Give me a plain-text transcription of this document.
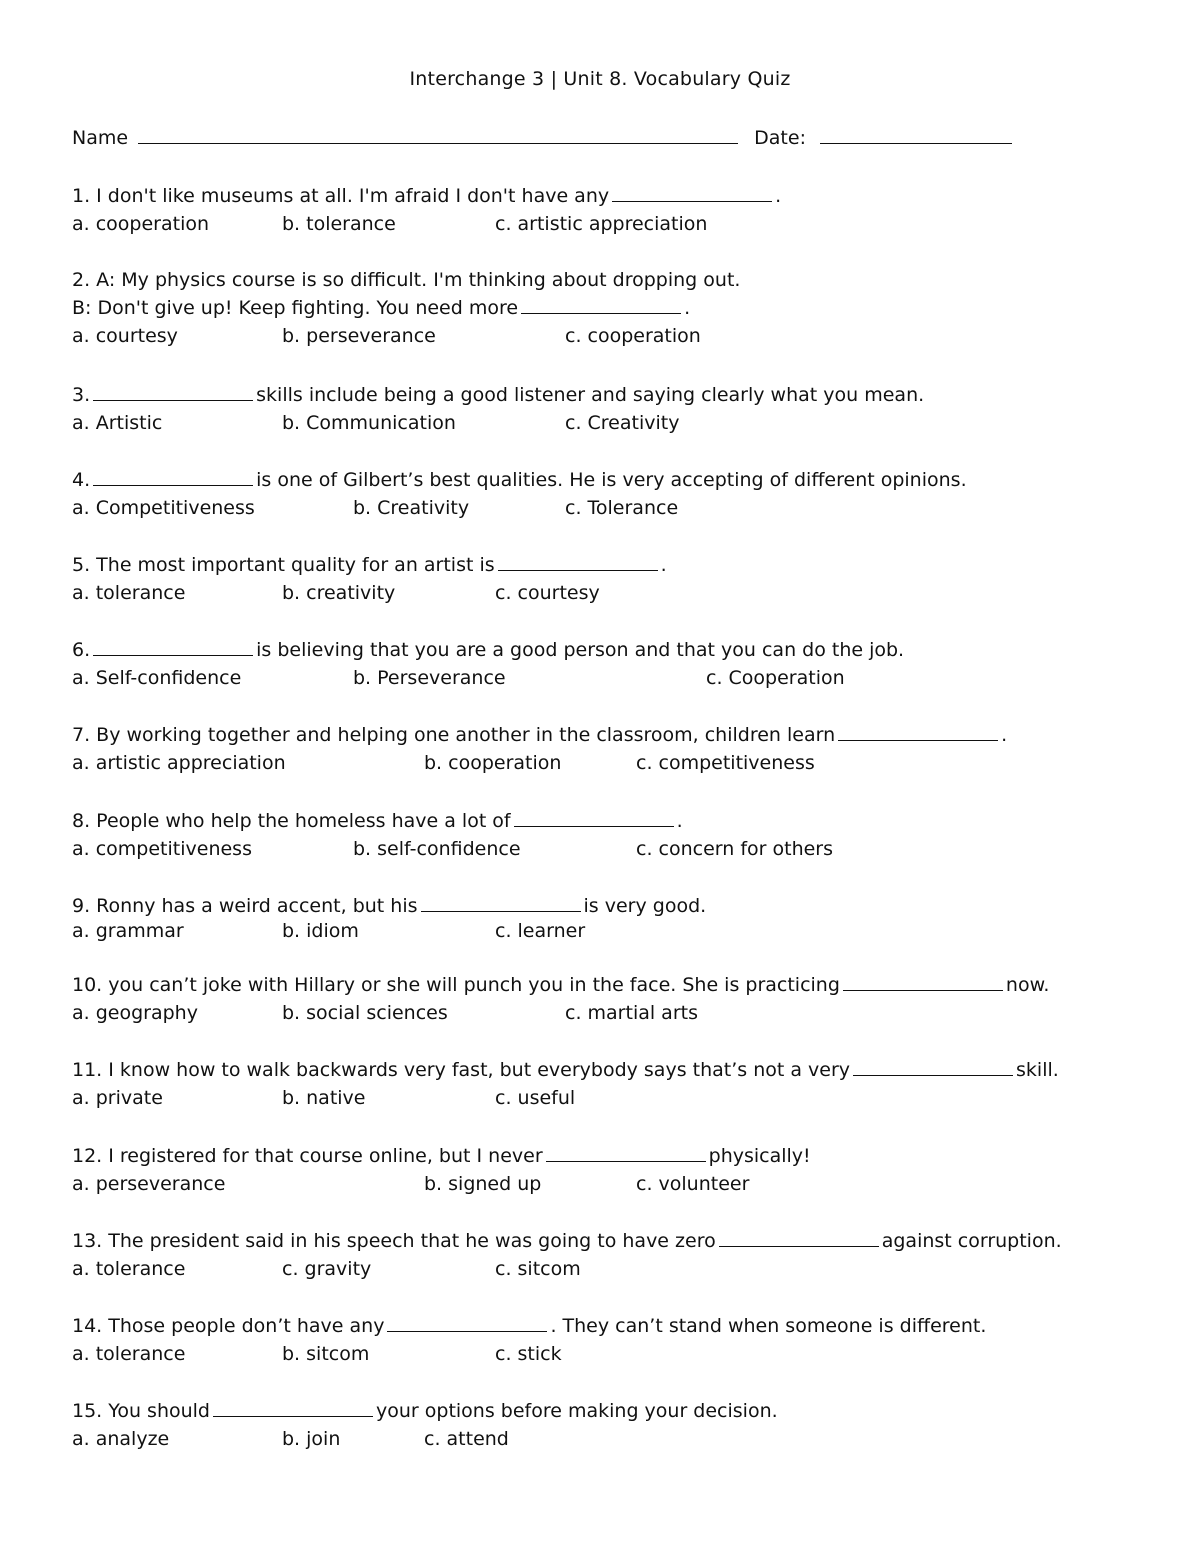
Interchange 3 | Unit 8. Vocabulary Quiz
Name	Date:
1. I don't like museums at all. I'm afraid I don't have any	.
a. cooperation	b. tolerance	c. artistic appreciation
2. A: My physics course is so difficult. I'm thinking about dropping out.
B: Don't give up! Keep fighting. You need more	.
a. courtesy	b. perseverance	c. cooperation
3.	skills include being a good listener and saying clearly what you mean.
a. Artistic	b. Communication	c. Creativity
4.	is one of Gilbert’s best qualities. He is very accepting of different opinions.
a. Competitiveness	b. Creativity	c. Tolerance
5. The most important quality for an artist is	.
a. tolerance	b. creativity	c. courtesy
6.	is believing that you are a good person and that you can do the job.
a. Self-confidence	b. Perseverance	c. Cooperation
7. By working together and helping one another in the classroom, children learn	.
a. artistic appreciation	b. cooperation	c. competitiveness
8. People who help the homeless have a lot of	.
a. competitiveness	b. self-confidence	c. concern for others
9. Ronny has a weird accent, but his	is very good.
a. grammar	b. idiom	c. learner
10. you can’t joke with Hillary or she will punch you in the face. She is practicing	now.
a. geography	b. social sciences	c. martial arts
11. I know how to walk backwards very fast, but everybody says that’s not a very	skill.
a. private	b. native	c. useful
12. I registered for that course online, but I never	physically!
a. perseverance	b. signed up	c. volunteer
13. The president said in his speech that he was going to have zero	against corruption.
a. tolerance	c. gravity	c. sitcom
14. Those people don’t have any	. They can’t stand when someone is different.
a. tolerance	b. sitcom	c. stick
15. You should	your options before making your decision.
a. analyze	b. join	c. attend
